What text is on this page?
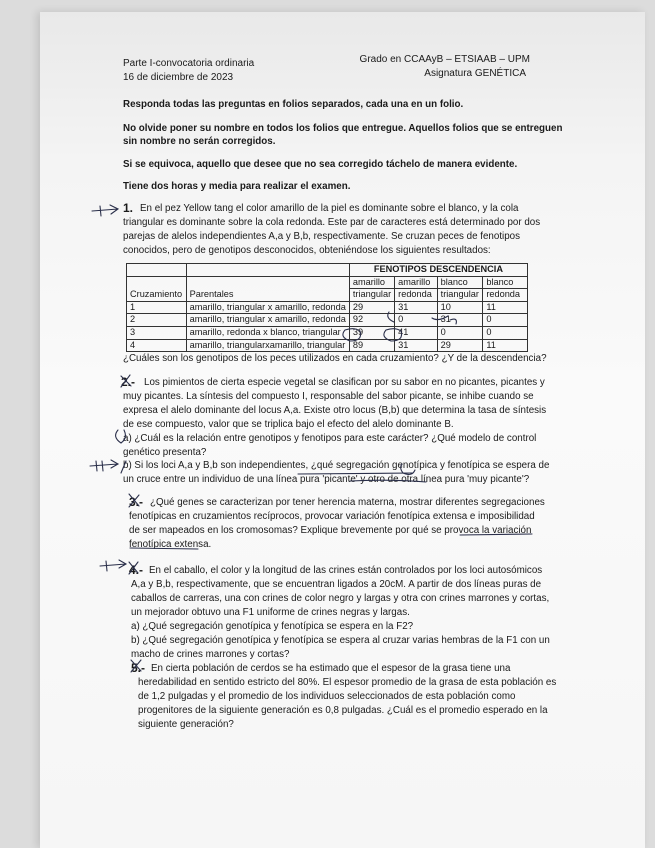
Parte I-convocatoria ordinaria
16 de diciembre de 2023
Grado en CCAAyB – ETSIAAB – UPM
Asignatura GENÉTICA
Responda todas las preguntas en folios separados, cada una en un folio.
No olvide poner su nombre en todos los folios que entregue. Aquellos folios que se entreguen
sin nombre no serán corregidos.
Si se equivoca, aquello que desee que no sea corregido táchelo de manera evidente.
Tiene dos horas y media para realizar el examen.
1. En el pez Yellow tang el color amarillo de la piel es dominante sobre el blanco, y la cola
triangular es dominante sobre la cola redonda. Este par de caracteres está determinado por dos
parejas de alelos independientes A,a y B,b, respectivamente. Se cruzan peces de fenotipos
conocidos, pero de genotipos desconocidos, obteniéndose los siguientes resultados:
		FENOTIPOS DESCENDENCIA			
		amarillo	amarillo	blanco	blanco
Cruzamiento	Parentales	triangular	redonda	triangular	redonda
1	amarillo, triangular x amarillo, redonda	29	31	10	11
2	amarillo, triangular x amarillo, redonda	92	0	31	0
3	amarillo, redonda x blanco, triangular	39	41	0	0
4	amarillo, triangularxamarillo, triangular	89	31	29	11
¿Cuáles son los genotipos de los peces utilizados en cada cruzamiento? ¿Y de la descendencia?
2.- Los pimientos de cierta especie vegetal se clasifican por su sabor en no picantes, picantes y
muy picantes. La síntesis del compuesto I, responsable del sabor picante, se inhibe cuando se
expresa el alelo dominante del locus A,a. Existe otro locus (B,b) que determina la tasa de síntesis
de ese compuesto, valor que se triplica bajo el efecto del alelo dominante B.
a) ¿Cuál es la relación entre genotipos y fenotipos para este carácter? ¿Qué modelo de control
genético presenta?
b) Si los loci A,a y B,b son independientes, ¿qué segregación genotípica y fenotípica se espera de
un cruce entre un individuo de una línea pura 'picante' y otro de otra línea pura 'muy picante'?
3.- ¿Qué genes se caracterizan por tener herencia materna, mostrar diferentes segregaciones
fenotípicas en cruzamientos recíprocos, provocar variación fenotípica extensa e imposibilidad
de ser mapeados en los cromosomas? Explique brevemente por qué se provoca la variación
fenotípica extensa.
4.- En el caballo, el color y la longitud de las crines están controlados por los loci autosómicos
A,a y B,b, respectivamente, que se encuentran ligados a 20cM. A partir de dos líneas puras de
caballos de carreras, una con crines de color negro y largas y otra con crines marrones y cortas,
un mejorador obtuvo una F1 uniforme de crines negras y largas.
a) ¿Qué segregación genotípica y fenotípica se espera en la F2?
b) ¿Qué segregación genotípica y fenotípica se espera al cruzar varias hembras de la F1 con un
macho de crines marrones y cortas?
5.- En cierta población de cerdos se ha estimado que el espesor de la grasa tiene una
heredabilidad en sentido estricto del 80%. El espesor promedio de la grasa de esta población es
de 1,2 pulgadas y el promedio de los individuos seleccionados de esta población como
progenitores de la siguiente generación es 0,8 pulgadas. ¿Cuál es el promedio esperado en la
siguiente generación?
